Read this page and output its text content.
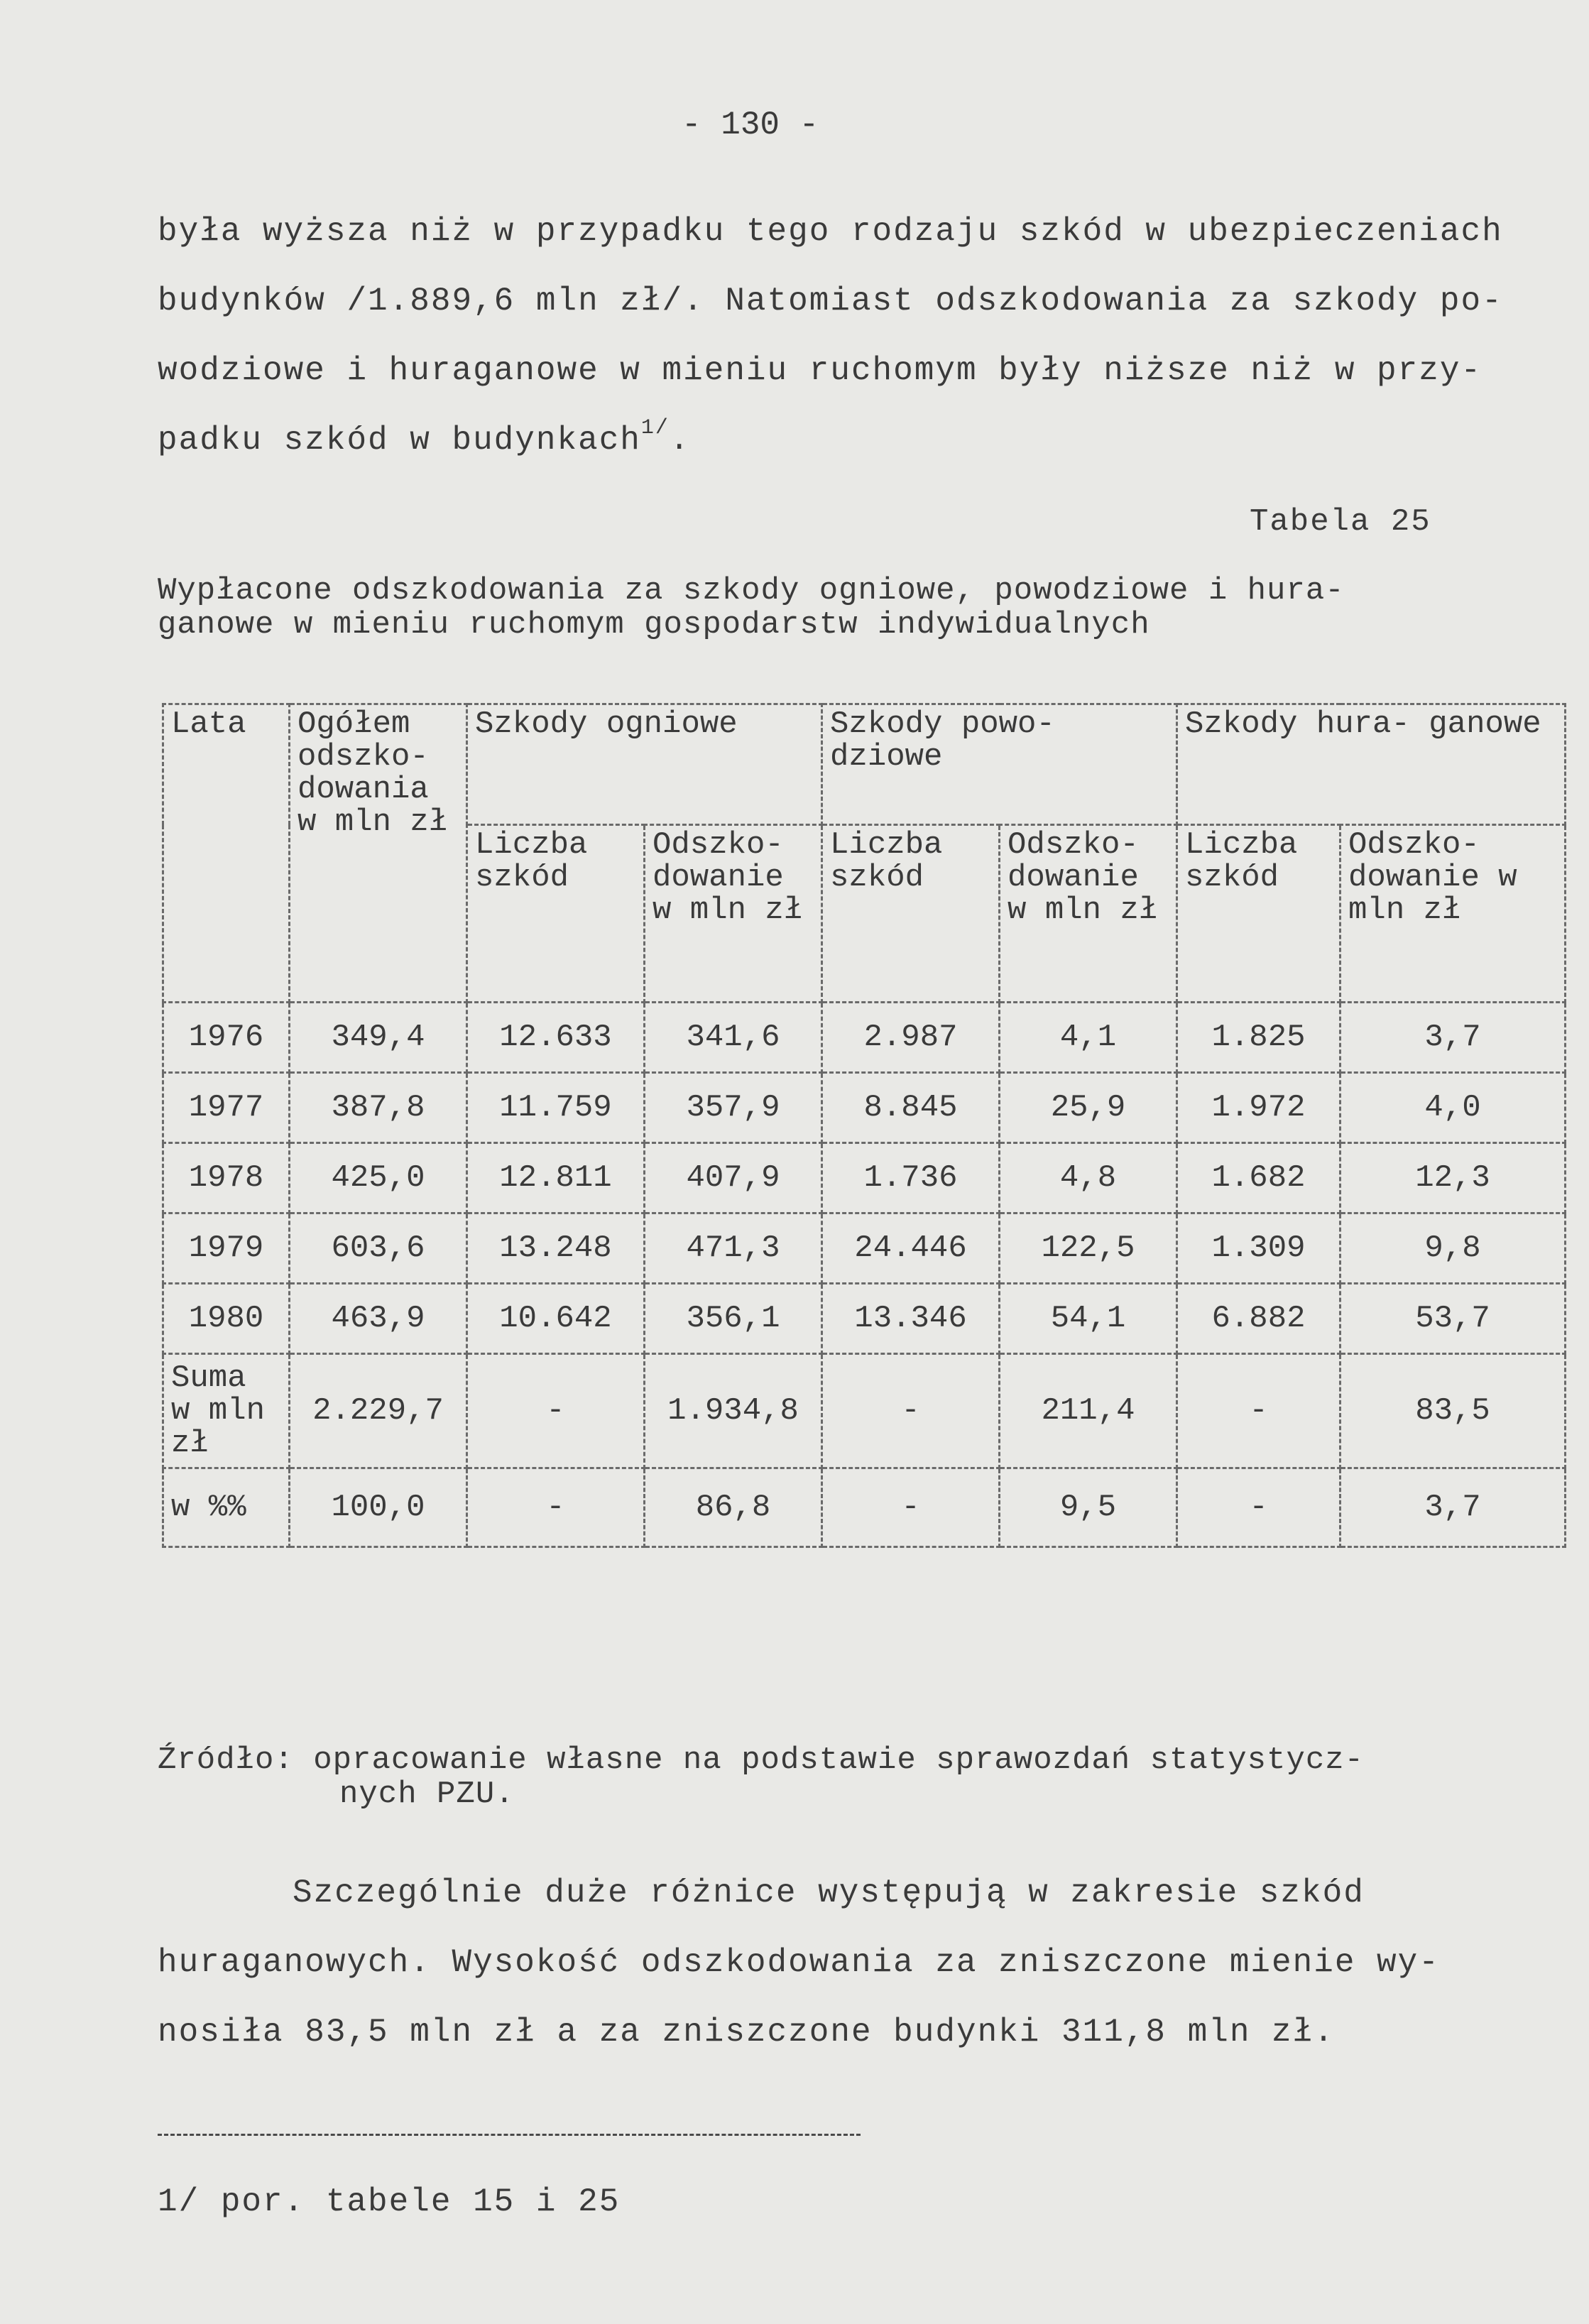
- 130 -
była wyższa niż w przypadku tego rodzaju szkód w ubezpieczeniach
budynków /1.889,6 mln zł/. Natomiast odszkodowania za szkody po-
wodziowe i huraganowe w mieniu ruchomym były niższe niż w przy-
padku szkód w budynkach$^{1/}$.
Tabela 25
Wypłacone odszkodowania za szkody ogniowe, powodziowe i hura-
ganowe w mieniu ruchomym gospodarstw indywidualnych
Lata	Ogółem odszko- dowania w mln zł	Szkody ogniowe		Szkody powo- dziowe		Szkody hura- ganowe	
		Liczba szkód	Odszko- dowanie w mln zł	Liczba szkód	Odszko- dowanie w mln zł	Liczba szkód	Odszko- dowanie w mln zł
1976	349,4	12.633	341,6	2.987	4,1	1.825	3,7
1977	387,8	11.759	357,9	8.845	25,9	1.972	4,0
1978	425,0	12.811	407,9	1.736	4,8	1.682	12,3
1979	603,6	13.248	471,3	24.446	122,5	1.309	9,8
1980	463,9	10.642	356,1	13.346	54,1	6.882	53,7
Suma w mln zł	2.229,7	-	1.934,8	-	211,4	-	83,5
w %%	100,0	-	86,8	-	9,5	-	3,7
Źródło: opracowanie własne na podstawie sprawozdań statystycz-
nych PZU.
Szczególnie duże różnice występują w zakresie szkód
huraganowych. Wysokość odszkodowania za zniszczone mienie wy-
nosiła 83,5 mln zł a za zniszczone budynki 311,8 mln zł.
1/ por. tabele 15 i 25
